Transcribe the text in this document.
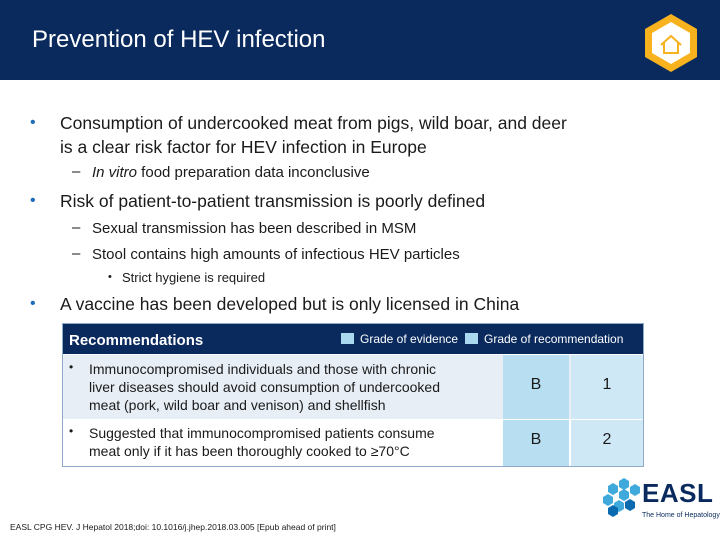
Prevention of HEV infection
• Consumption of undercooked meat from pigs, wild boar, and deer
is a clear risk factor for HEV infection in Europe
– In vitro food preparation data inconclusive
• Risk of patient-to-patient transmission is poorly defined
– Sexual transmission has been described in MSM
– Stool contains high amounts of infectious HEV particles
• Strict hygiene is required
• A vaccine has been developed but is only licensed in China
Recommendations	Grade of evidence Grade of recommendation
• Immunocompromised individuals and those with chronic
liver diseases should avoid consumption of undercooked
meat (pork, wild boar and venison) and shellfish
B	1
• Suggested that immunocompromised patients consume
meat only if it has been thoroughly cooked to ≥70°C
B	2
EASL CPG HEV. J Hepatol 2018;doi: 10.1016/j.jhep.2018.03.005 [Epub ahead of print]
EASL
The Home of Hepatology
